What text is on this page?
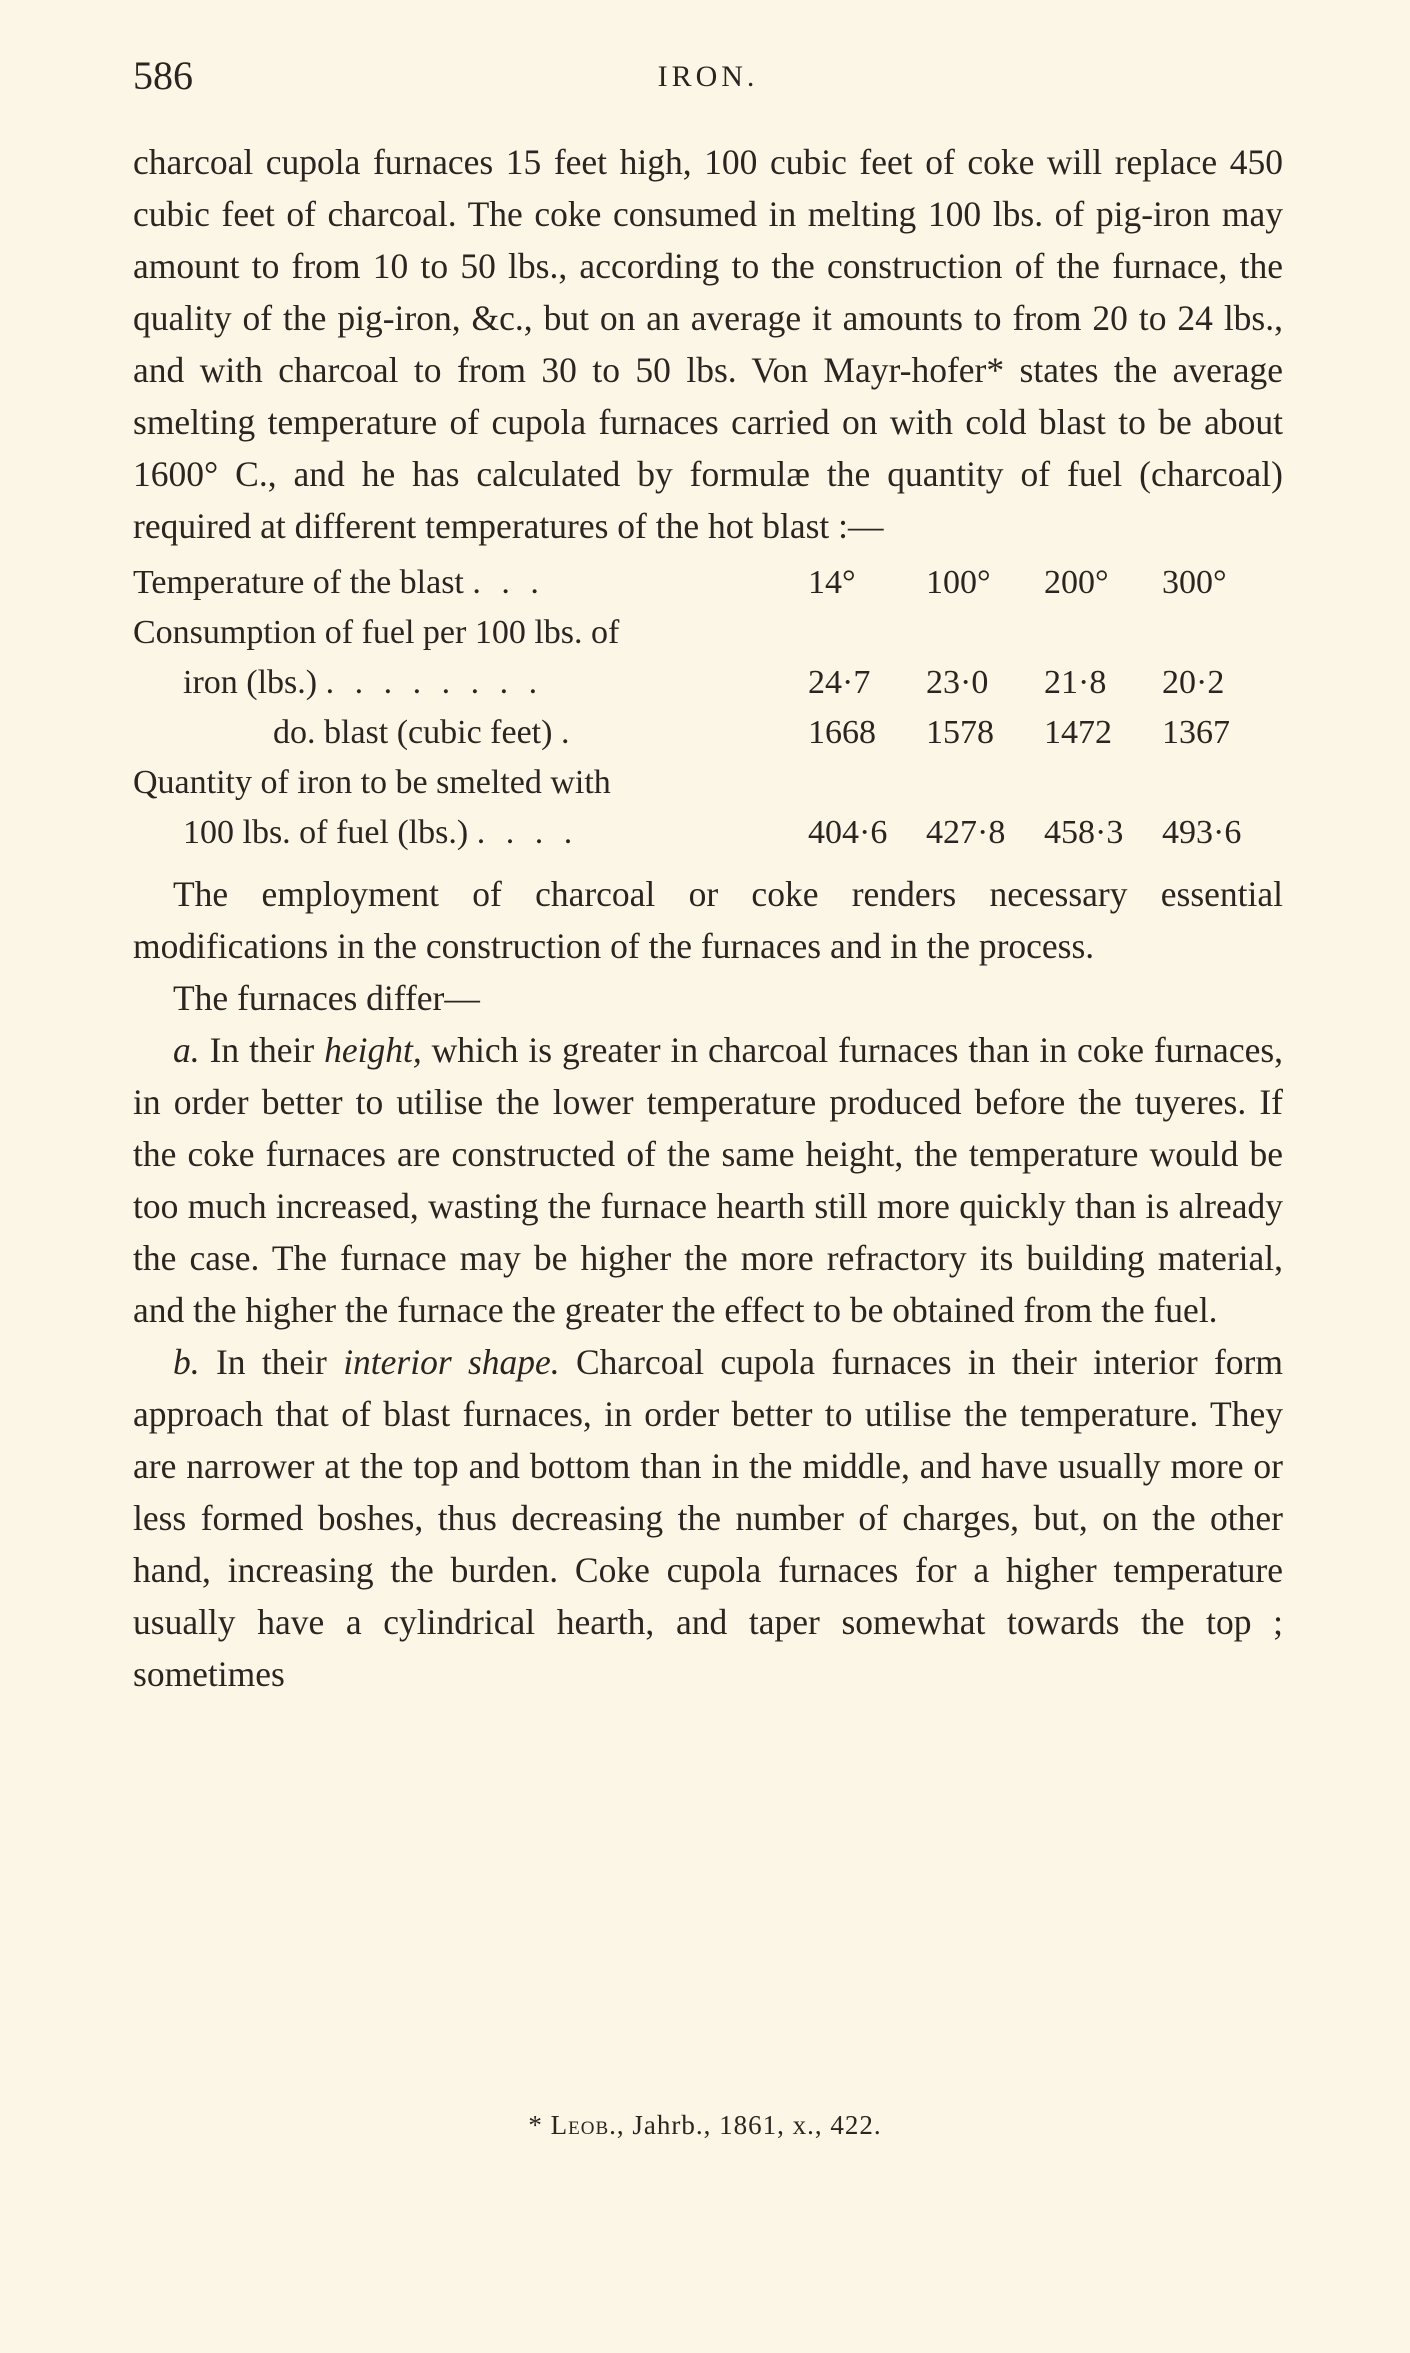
586	IRON.

charcoal cupola furnaces 15 feet high, 100 cubic feet of coke will replace 450 cubic feet of charcoal. The coke consumed in melting 100 lbs. of pig-iron may amount to from 10 to 50 lbs., according to the construction of the furnace, the quality of the pig-iron, &c., but on an average it amounts to from 20 to 24 lbs., and with charcoal to from 30 to 50 lbs. Von Mayr-hofer* states the average smelting temperature of cupola furnaces carried on with cold blast to be about 1600° C., and he has calculated by formulæ the quantity of fuel (charcoal) required at different temperatures of the hot blast :—

Temperature of the blast . . .	14°	100°	200°	300°
Consumption of fuel per 100 lbs. of
iron (lbs.) . . . . . . . .	24·7	23·0	21·8	20·2
do. blast (cubic feet) .	1668	1578	1472	1367
Quantity of iron to be smelted with
100 lbs. of fuel (lbs.) . . . .	404·6	427·8	458·3	493·6

The employment of charcoal or coke renders necessary essential modifications in the construction of the furnaces and in the process.

The furnaces differ—

a. In their height, which is greater in charcoal furnaces than in coke furnaces, in order better to utilise the lower temperature produced before the tuyeres. If the coke furnaces are constructed of the same height, the temperature would be too much increased, wasting the furnace hearth still more quickly than is already the case. The furnace may be higher the more refractory its building material, and the higher the furnace the greater the effect to be obtained from the fuel.

b. In their interior shape. Charcoal cupola furnaces in their interior form approach that of blast furnaces, in order better to utilise the temperature. They are narrower at the top and bottom than in the middle, and have usually more or less formed boshes, thus decreasing the number of charges, but, on the other hand, increasing the burden. Coke cupola furnaces for a higher temperature usually have a cylindrical hearth, and taper somewhat towards the top ; sometimes

* Leob., Jahrb., 1861, x., 422.
